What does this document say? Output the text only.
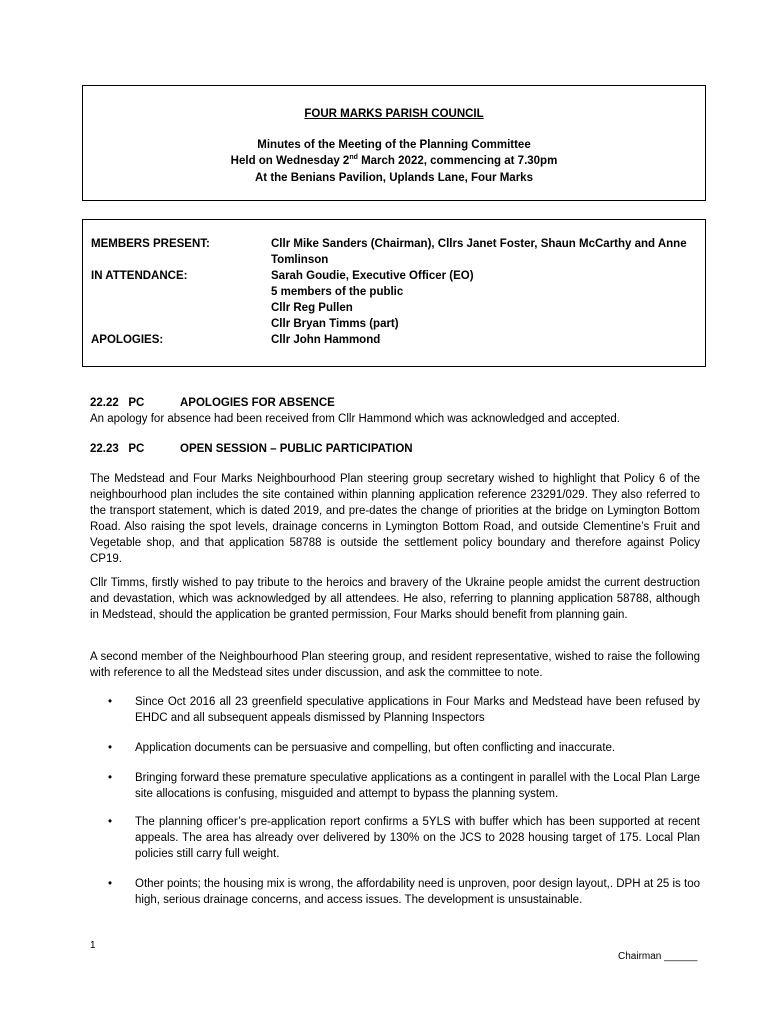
FOUR MARKS PARISH COUNCIL
Minutes of the Meeting of the Planning Committee
Held on Wednesday 2nd March 2022, commencing at 7.30pm
At the Benians Pavilion, Uplands Lane, Four Marks
MEMBERS PRESENT:	Cllr Mike Sanders (Chairman), Cllrs Janet Foster, Shaun McCarthy and Anne Tomlinson
IN ATTENDANCE:	Sarah Goudie, Executive Officer (EO)
5 members of the public
Cllr Reg Pullen
Cllr Bryan Timms (part)
APOLOGIES:	Cllr John Hammond
22.22   PC	APOLOGIES FOR ABSENCE
An apology for absence had been received from Cllr Hammond which was acknowledged and accepted.
22.23   PC	OPEN SESSION – PUBLIC PARTICIPATION
The Medstead and Four Marks Neighbourhood Plan steering group secretary wished to highlight that Policy 6 of the neighbourhood plan includes the site contained within planning application reference 23291/029. They also referred to the transport statement, which is dated 2019, and pre-dates the change of priorities at the bridge on Lymington Bottom Road. Also raising the spot levels, drainage concerns in Lymington Bottom Road, and outside Clementine’s Fruit and Vegetable shop, and that application 58788 is outside the settlement policy boundary and therefore against Policy CP19.
Cllr Timms, firstly wished to pay tribute to the heroics and bravery of the Ukraine people amidst the current destruction and devastation, which was acknowledged by all attendees. He also, referring to planning application 58788, although in Medstead, should the application be granted permission, Four Marks should benefit from planning gain.
A second member of the Neighbourhood Plan steering group, and resident representative, wished to raise the following with reference to all the Medstead sites under discussion, and ask the committee to note.
• Since Oct 2016 all 23 greenfield speculative applications in Four Marks and Medstead have been refused by EHDC and all subsequent appeals dismissed by Planning Inspectors
• Application documents can be persuasive and compelling, but often conflicting and inaccurate.
• Bringing forward these premature speculative applications as a contingent in parallel with the Local Plan Large site allocations is confusing, misguided and attempt to bypass the planning system.
• The planning officer’s pre-application report confirms a 5YLS with buffer which has been supported at recent appeals. The area has already over delivered by 130% on the JCS to 2028 housing target of 175. Local Plan policies still carry full weight.
• Other points; the housing mix is wrong, the affordability need is unproven, poor design layout,. DPH at 25 is too high, serious drainage concerns, and access issues. The development is unsustainable.
1
Chairman ______
